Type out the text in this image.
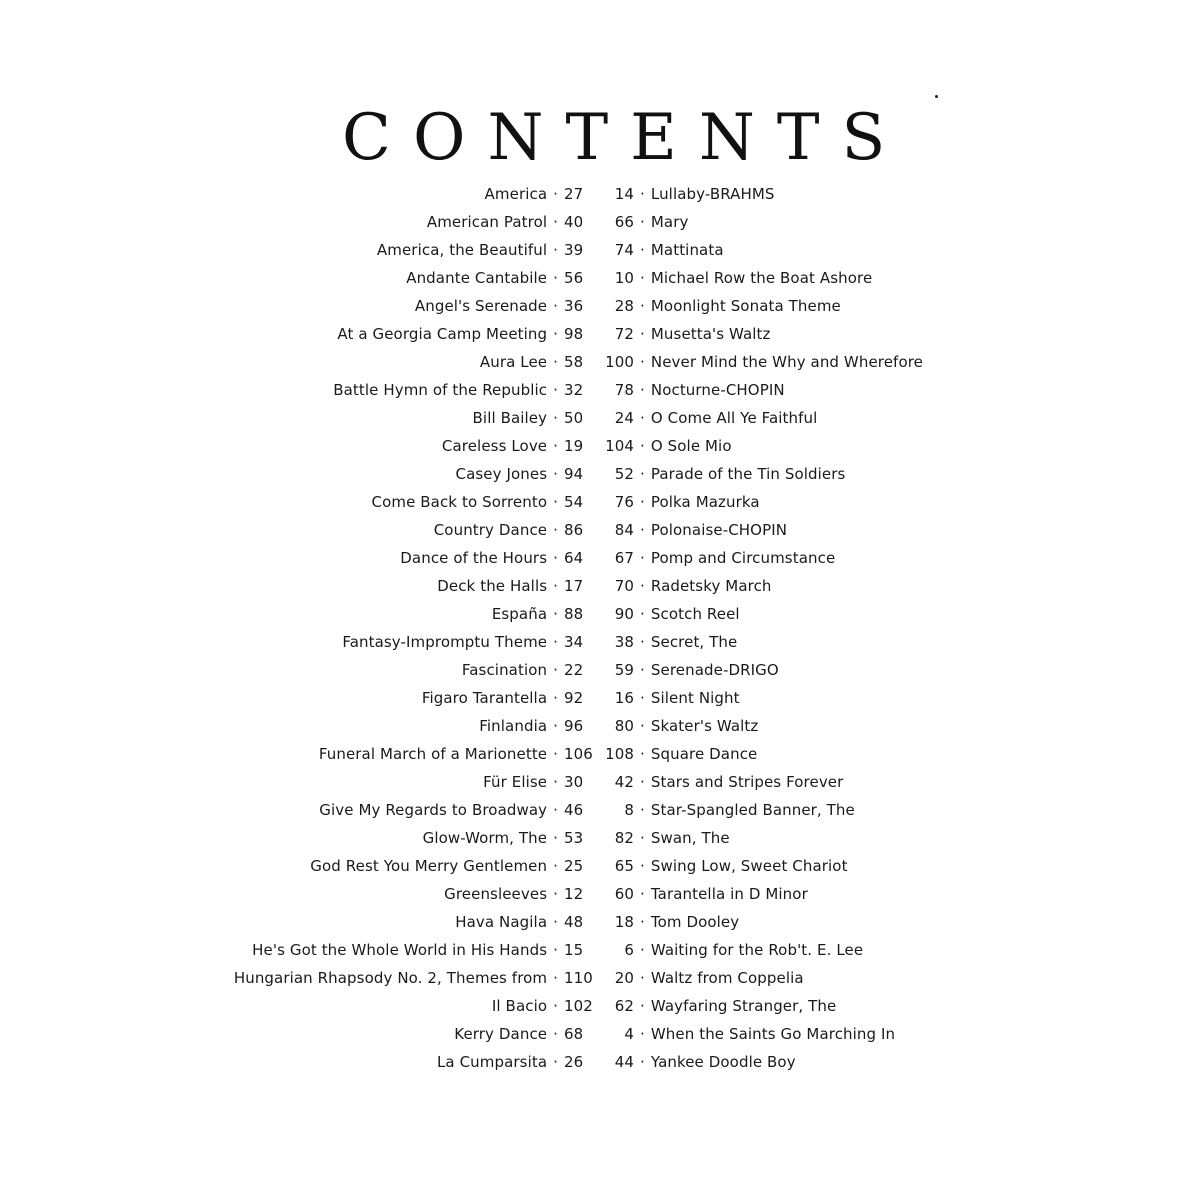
CONTENTS
America · 27
American Patrol · 40
America, the Beautiful · 39
Andante Cantabile · 56
Angel's Serenade · 36
At a Georgia Camp Meeting · 98
Aura Lee · 58
Battle Hymn of the Republic · 32
Bill Bailey · 50
Careless Love · 19
Casey Jones · 94
Come Back to Sorrento · 54
Country Dance · 86
Dance of the Hours · 64
Deck the Halls · 17
España · 88
Fantasy-Impromptu Theme · 34
Fascination · 22
Figaro Tarantella · 92
Finlandia · 96
Funeral March of a Marionette · 106
Für Elise · 30
Give My Regards to Broadway · 46
Glow-Worm, The · 53
God Rest You Merry Gentlemen · 25
Greensleeves · 12
Hava Nagila · 48
He's Got the Whole World in His Hands · 15
Hungarian Rhapsody No. 2, Themes from · 110
Il Bacio · 102
Kerry Dance · 68
La Cumparsita · 26
14 · Lullaby-BRAHMS
66 · Mary
74 · Mattinata
10 · Michael Row the Boat Ashore
28 · Moonlight Sonata Theme
72 · Musetta's Waltz
100 · Never Mind the Why and Wherefore
78 · Nocturne-CHOPIN
24 · O Come All Ye Faithful
104 · O Sole Mio
52 · Parade of the Tin Soldiers
76 · Polka Mazurka
84 · Polonaise-CHOPIN
67 · Pomp and Circumstance
70 · Radetsky March
90 · Scotch Reel
38 · Secret, The
59 · Serenade-DRIGO
16 · Silent Night
80 · Skater's Waltz
108 · Square Dance
42 · Stars and Stripes Forever
8 · Star-Spangled Banner, The
82 · Swan, The
65 · Swing Low, Sweet Chariot
60 · Tarantella in D Minor
18 · Tom Dooley
6 · Waiting for the Rob't. E. Lee
20 · Waltz from Coppelia
62 · Wayfaring Stranger, The
4 · When the Saints Go Marching In
44 · Yankee Doodle Boy
